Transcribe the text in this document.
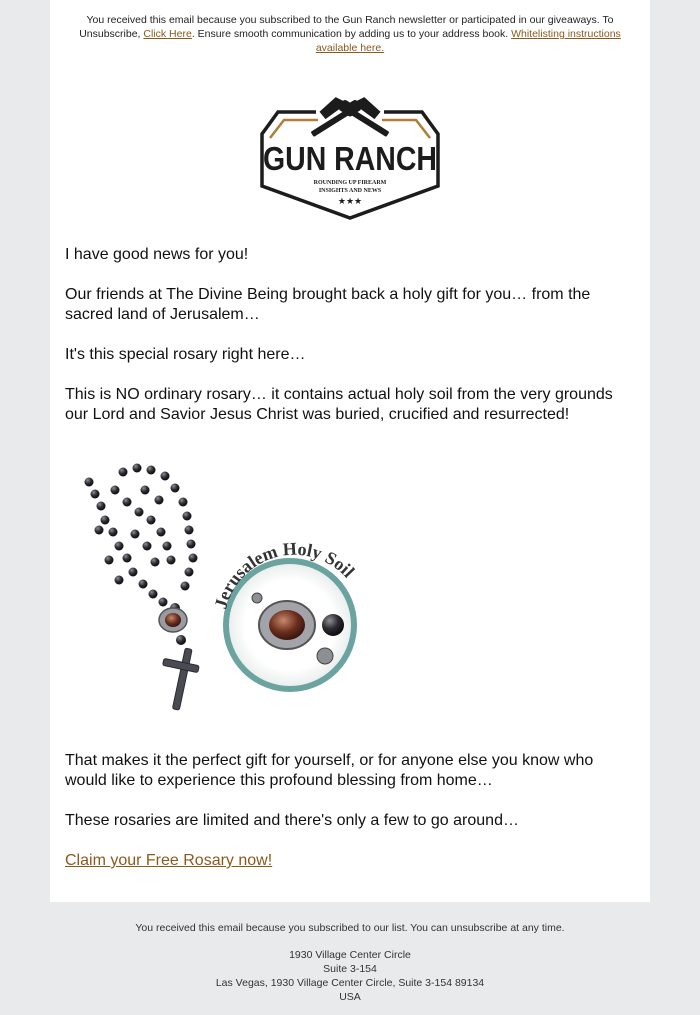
You received this email because you subscribed to the Gun Ranch newsletter or participated in our giveaways. To Unsubscribe, Click Here. Ensure smooth communication by adding us to your address book. Whitelisting instructions available here.
GUN RANCH
ROUNDING UP FIREARM
INSIGHTS AND NEWS
★★★
I have good news for you!
Our friends at The Divine Being brought back a holy gift for you… from the sacred land of Jerusalem…
It's this special rosary right here…
This is NO ordinary rosary… it contains actual holy soil from the very grounds our Lord and Savior Jesus Christ was buried, crucified and resurrected!
Jerusalem Holy Soil
That makes it the perfect gift for yourself, or for anyone else you know who would like to experience this profound blessing from home…
These rosaries are limited and there's only a few to go around…
Claim your Free Rosary now!
You received this email because you subscribed to our list. You can unsubscribe at any time.
1930 Village Center Circle
Suite 3-154
Las Vegas, 1930 Village Center Circle, Suite 3-154 89134
USA
